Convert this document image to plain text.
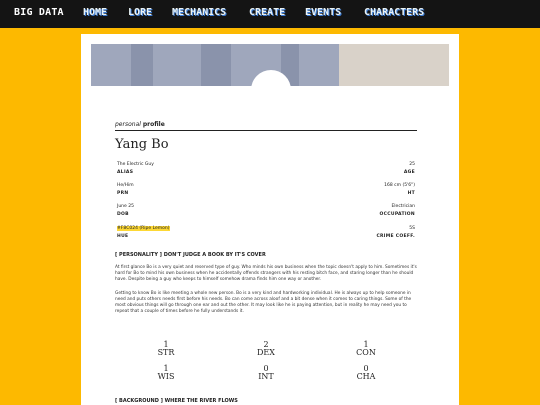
BIG DATA HOME LORE MECHANICS CREATE EVENTS CHARACTERS
personal profile
Yang Bo
The Electric Guy
ALIAS
25
AGE
He/Him
PRN
168 cm (5'6")
HT
June 25
DOB
Electrician
OCCUPATION
#F8C024 (Ripe Lemon)
HUE
5S
CRIME COEFF.
[ PERSONALITY ] DON'T JUDGE A BOOK BY IT'S COVER
At first glance Bo is a very quiet and reserved type of guy. Who minds his own business when the topic doesn't apply to him. Sometimes it's hard for Bo to mind his own business when he accidentally offends strangers with his resting bitch face, and staring longer than he should have. Despite being a guy who keeps to himself somehow drama finds him one way or another.
Getting to know Bo is like meeting a whole new person. Bo is a very kind and hardworking individual. He is always up to help someone in need and puts others needs first before his needs. Bo can come across aloof and a bit dense when it comes to caring things. Some of the most obvious things will go through one ear and out the other. It may look like he is paying attention, but in reality he may need you to repeat that a couple of times before he fully understands it.
1
STR
2
DEX
1
CON
1
WIS
0
INT
0
CHA
[ BACKGROUND ] WHERE THE RIVER FLOWS
